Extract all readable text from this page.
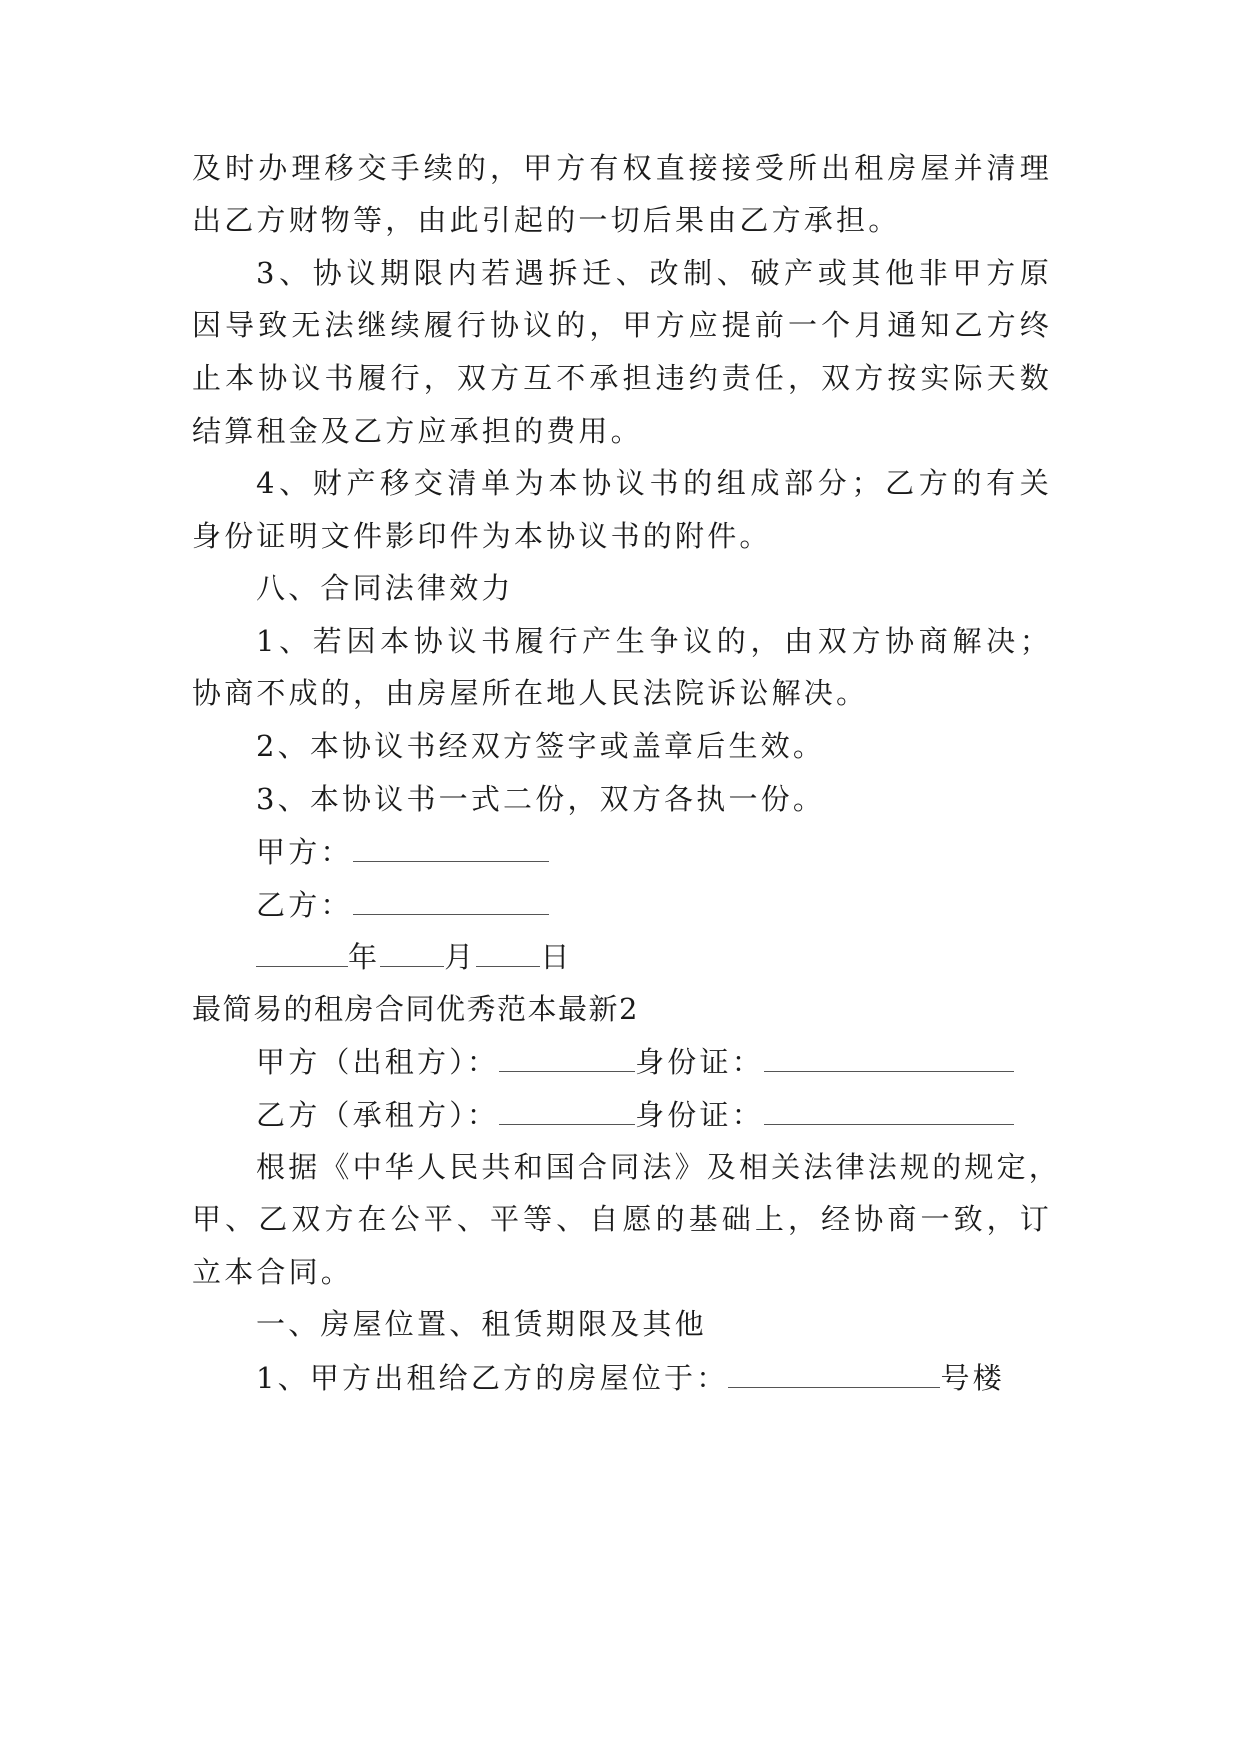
及时办理移交手续的，甲方有权直接接受所出租房屋并清理
出乙方财物等，由此引起的一切后果由乙方承担。
3、协议期限内若遇拆迁、改制、破产或其他非甲方原
因导致无法继续履行协议的，甲方应提前一个月通知乙方终
止本协议书履行，双方互不承担违约责任，双方按实际天数
结算租金及乙方应承担的费用。
4、财产移交清单为本协议书的组成部分；乙方的有关
身份证明文件影印件为本协议书的附件。
八、合同法律效力
1、若因本协议书履行产生争议的，由双方协商解决；
协商不成的，由房屋所在地人民法院诉讼解决。
2、本协议书经双方签字或盖章后生效。
3、本协议书一式二份，双方各执一份。
甲方：
乙方：
年 月 日
最简易的租房合同优秀范本最新2
甲方（出租方）：	身份证：
乙方（承租方）：	身份证：
根据《中华人民共和国合同法》及相关法律法规的规定，
甲、乙双方在公平、平等、自愿的基础上，经协商一致，订
立本合同。
一、房屋位置、租赁期限及其他
1、甲方出租给乙方的房屋位于：	号楼
